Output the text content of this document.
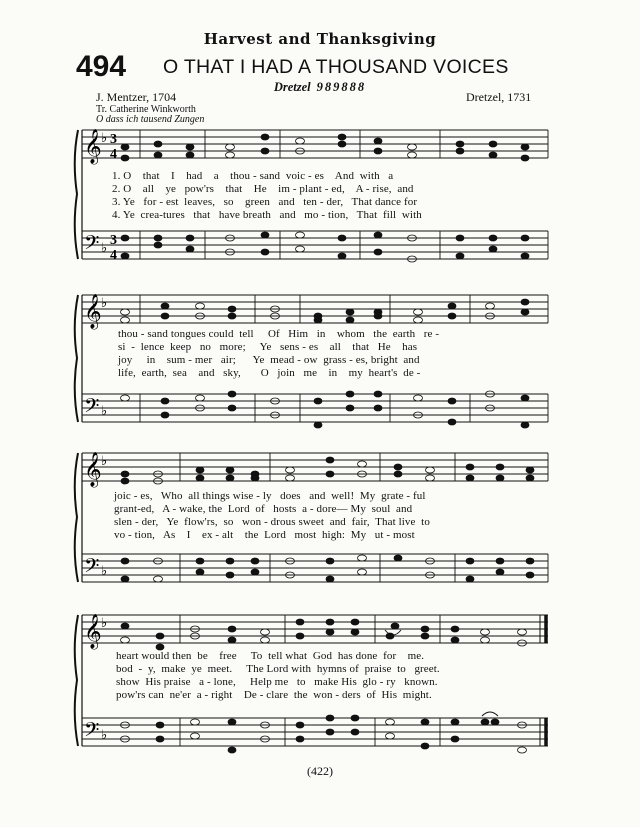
Harvest and Thanksgiving
494 O THAT I HAD A THOUSAND VOICES
Dretzel 989888
J. Mentzer, 1704
Tr. Catherine Winkworth
O dass ich tausend Zungen
Dretzel, 1731
𝄞
𝄢
♭
♭
3
4
3
4
1. O    that    I    had    a    thou - sand  voic - es    And  with   a
2. O    all    ye   pow'rs    that    He    im - plant - ed,    A - rise,  and
3. Ye   for - est  leaves,   so    green   and   ten - der,   That dance for
4. Ye  crea-tures   that   have breath   and   mo - tion,   That  fill  with
𝄞
𝄢
♭
♭
thou - sand tongues could  tell     Of   Him   in    whom   the  earth   re -
si  -  lence  keep   no   more;     Ye   sens - es    all    that   He    has
joy     in    sum - mer   air;      Ye  mead - ow  grass - es, bright  and
life,  earth,  sea    and   sky,       O   join   me    in    my  heart's  de -
𝄞
𝄢
♭
♭
joic - es,   Who  all things wise - ly   does   and  well!  My  grate - ful
grant-ed,   A - wake, the  Lord  of   hosts  a - dore— My  soul  and
slen - der,   Ye  flow'rs,  so   won - drous sweet  and  fair,  That live  to
vo - tion,   As    I    ex - alt    the  Lord   most  high:  My   ut - most
𝄞
𝄢
♭
♭
heart would then  be    free     To  tell what  God  has done  for    me.
bod  -  y,  make  ye  meet.     The Lord with  hymns of  praise  to   greet.
show  His praise   a - lone,     Help me   to   make His  glo - ry   known.
pow'rs can  ne'er  a - right    De - clare  the  won - ders  of  His  might.
(422)
